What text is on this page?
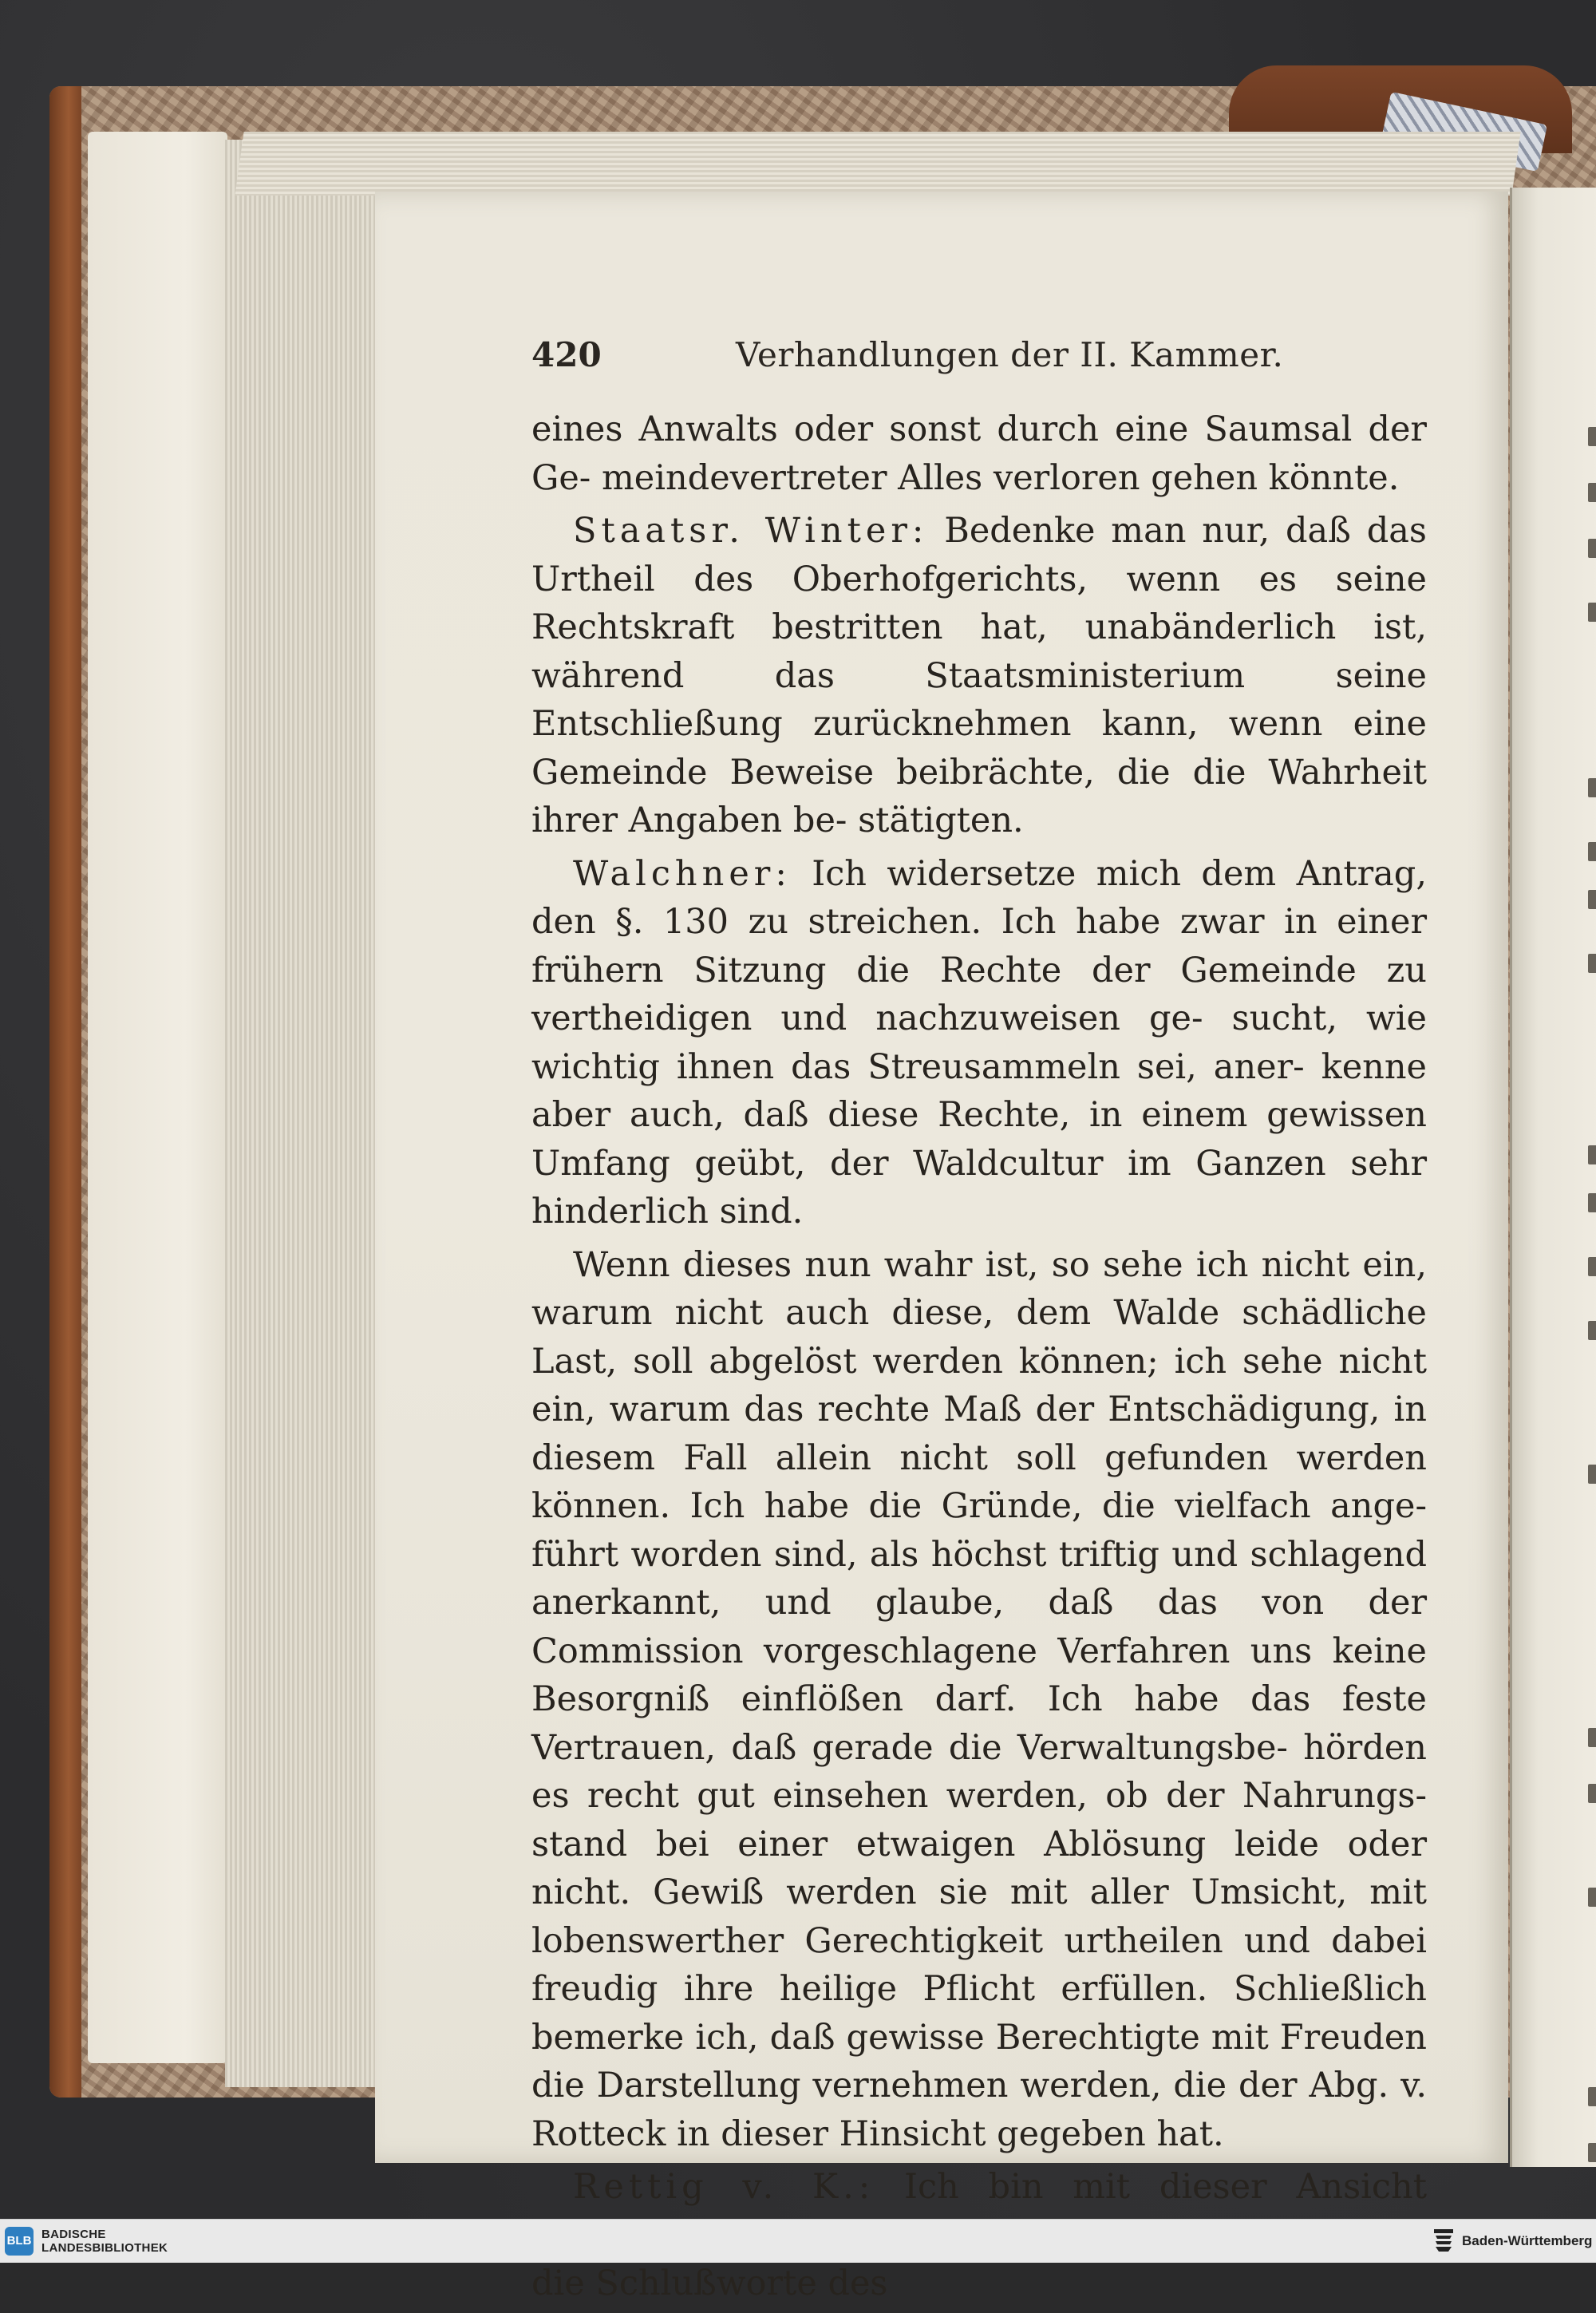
420	Verhandlungen der II. Kammer.
eines Anwalts oder sonst durch eine Saumsal der Ge- meindevertreter Alles verloren gehen könnte.
Staatsr. Winter: Bedenke man nur, daß das Urtheil des Oberhofgerichts, wenn es seine Rechtskraft bestritten hat, unabänderlich ist, während das Staatsministerium	seine Entschließung zurücknehmen kann, wenn eine Gemeinde Beweise beibrächte, die die Wahrheit ihrer Angaben be- stätigten.
Walchner: Ich widersetze mich dem Antrag, den §. 130 zu streichen. Ich habe zwar in einer frühern Sitzung die Rechte der Gemeinde zu vertheidigen und nachzuweisen ge- sucht, wie wichtig ihnen das Streusammeln sei, aner- kenne aber auch, daß diese Rechte, in einem gewissen Umfang geübt, der Waldcultur im Ganzen sehr hinderlich sind.
Wenn dieses nun wahr ist, so sehe ich nicht ein, warum nicht auch diese, dem Walde schädliche Last, soll abgelöst werden können; ich sehe nicht ein, warum das rechte Maß der Entschädigung, in diesem Fall allein nicht soll gefunden werden können. Ich habe die Gründe, die vielfach ange- führt worden sind, als höchst triftig und schlagend anerkannt, und glaube, daß das von der Commission vorgeschlagene Verfahren uns keine Besorgniß einflößen darf. Ich habe das feste Vertrauen, daß gerade die Verwaltungsbe- hörden es recht gut einsehen werden, ob der Nahrungs- stand bei einer etwaigen Ablösung leide oder nicht. Gewiß werden sie mit aller Umsicht, mit lobenswerther Gerechtigkeit urtheilen und dabei freudig ihre heilige Pflicht erfüllen. Schließlich bemerke ich, daß gewisse Berechtigte mit Freuden die Darstellung vernehmen werden, die der Abg. v. Rotteck in dieser Hinsicht gegeben hat.
Rettig v. K.: Ich bin mit dieser Ansicht die Schlußworte des
BLB BADISCHE
LANDESBIBLIOTHEK	Baden-Württemberg
